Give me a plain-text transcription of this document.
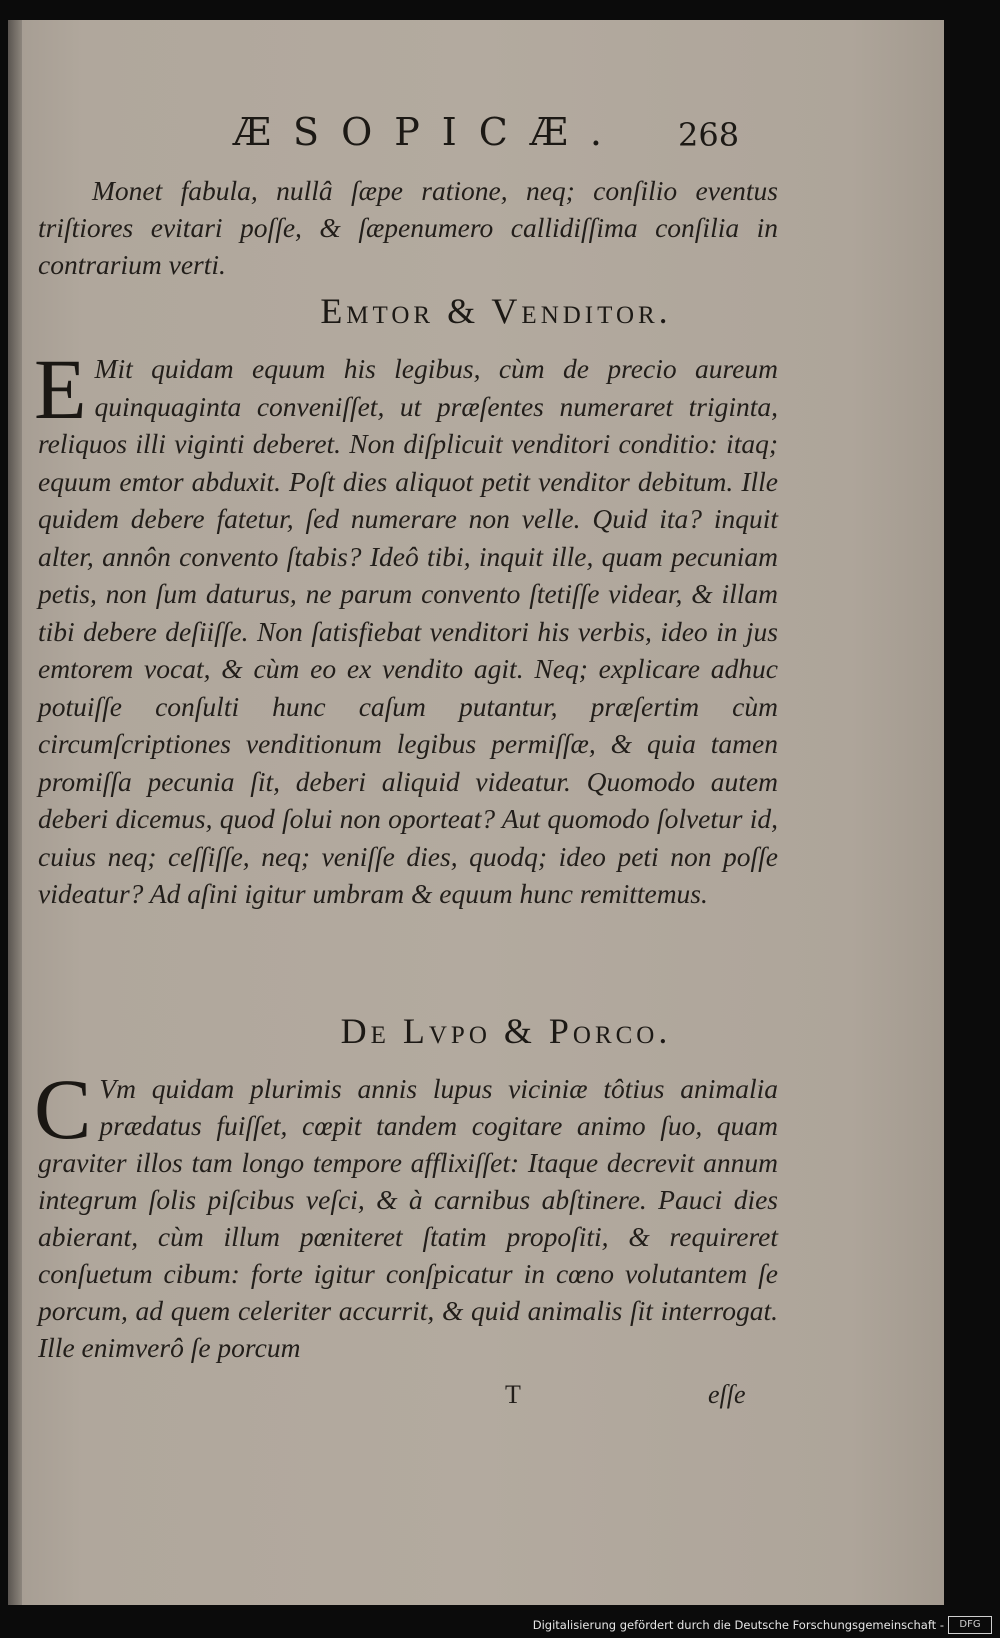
ÆSOPICÆ. 268

Monet fabula, nullâ ſæpe ratione, neq; conſilio eventus triſtiores evitari poſſe, & ſæpenumero callidiſſima conſilia in contrarium verti.

Emtor & Venditor.

E Mit quidam equum his legibus, cùm de precio aureum quinquaginta conveniſſet, ut præſentes numeraret triginta, reliquos illi viginti deberet. Non diſplicuit venditori conditio: itaq; equum emtor abduxit. Poſt dies aliquot petit venditor debitum. Ille quidem debere fatetur, ſed numerare non velle. Quid ita? inquit alter, annôn convento ſtabis? Ideô tibi, inquit ille, quam pecuniam petis, non ſum daturus, ne parum convento ſtetiſſe videar, & illam tibi debere deſiiſſe. Non ſatisfiebat venditori his verbis, ideo in jus emtorem vocat, & cùm eo ex vendito agit. Neq; explicare adhuc potuiſſe conſulti hunc caſum putantur, præſertim cùm circumſcriptiones venditionum legibus permiſſæ, & quia tamen promiſſa pecunia ſit, deberi aliquid videatur. Quomodo autem deberi dicemus, quod ſolui non oporteat? Aut quomodo ſolvetur id, cuius neq; ceſſiſſe, neq; veniſſe dies, quodq; ideo peti non poſſe videatur? Ad aſini igitur umbram & equum hunc remittemus.

De Lvpo & Porco.

C Vm quidam plurimis annis lupus viciniæ tôtius animalia prædatus fuiſſet, cœpit tandem cogitare animo ſuo, quam graviter illos tam longo tempore afflixiſſet: Itaque decrevit annum integrum ſolis piſcibus veſci, & à carnibus abſtinere. Pauci dies abierant, cùm illum pœniteret ſtatim propoſiti, & requireret conſuetum cibum: forte igitur conſpicatur in cœno volutantem ſe porcum, ad quem celeriter accurrit, & quid animalis ſit interrogat. Ille enimverô ſe porcum

T	eſſe
Digitalisierung gefördert durch die Deutsche Forschungsgemeinschaft -	DFG
